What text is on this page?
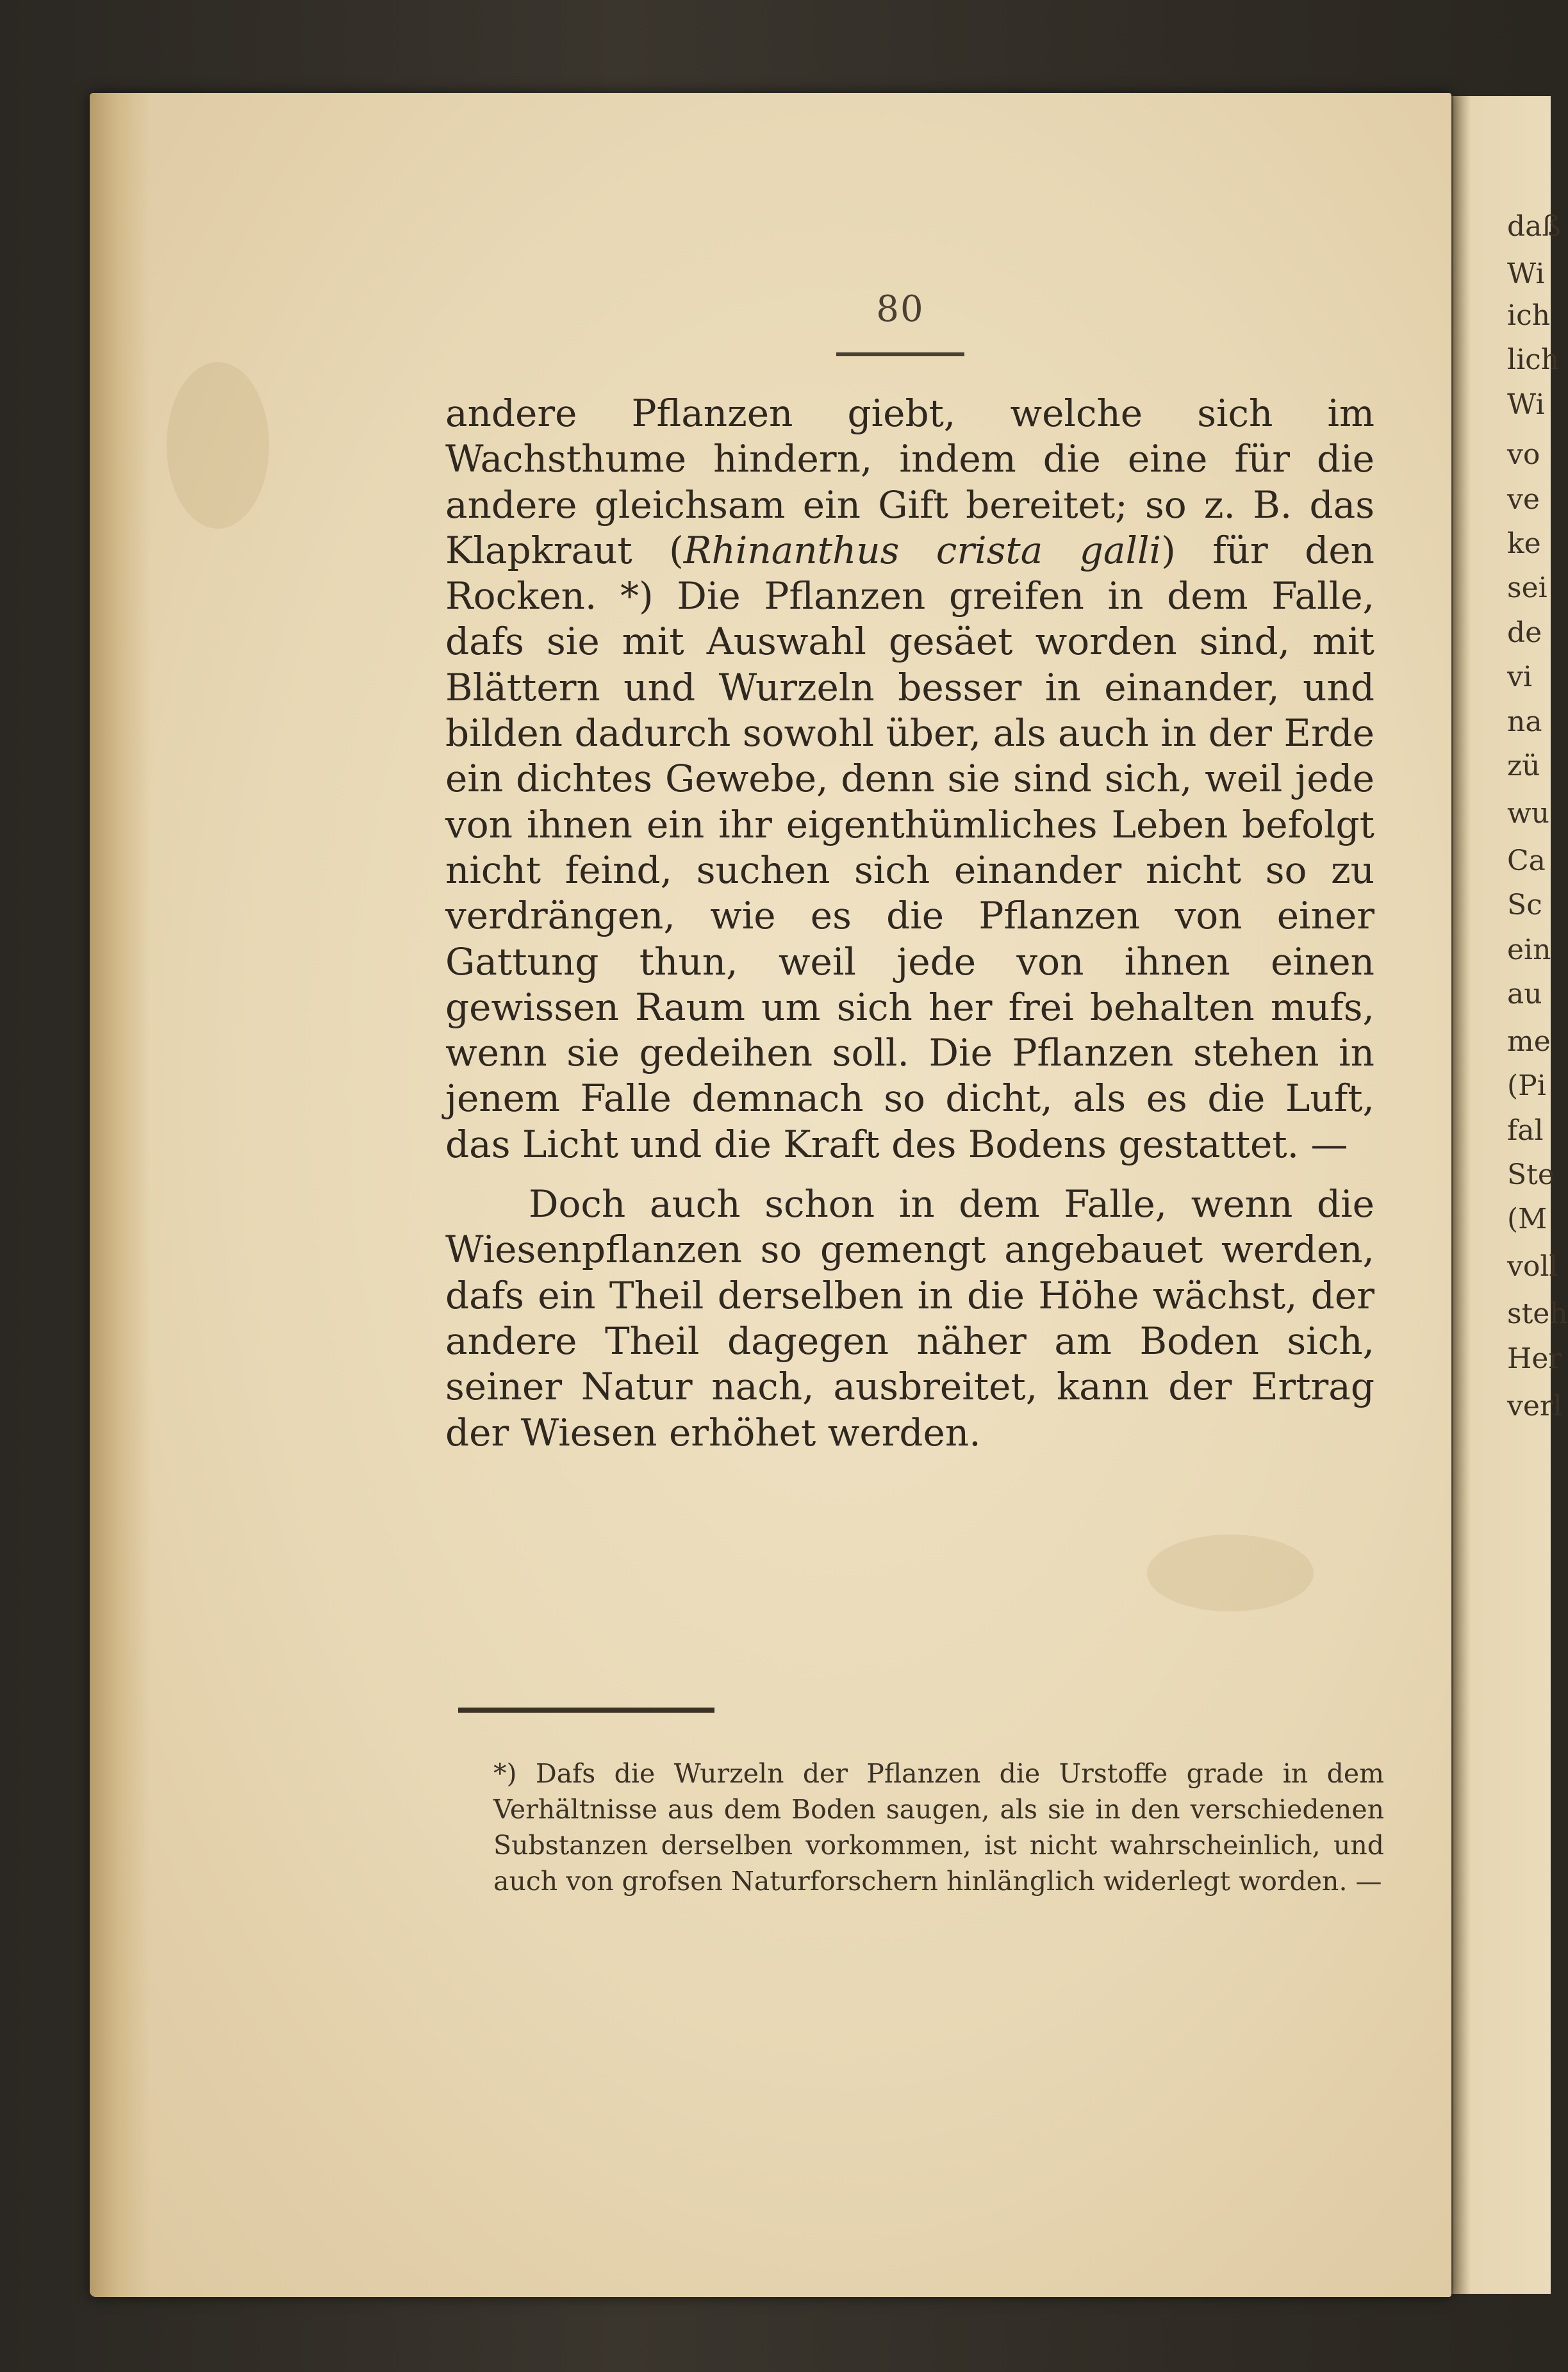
daß
Wi
ich
lich
Wi
vo
ve
ke
sei
de
vi
na
zü
wu
Ca
Sc
ein
au
me
(Pi
fal
Ste
(M
voll
steh
Her
verl
80

andere Pflanzen giebt, welche sich im Wachsthume hindern, indem die eine für die andere gleichsam ein Gift bereitet; so z. B. das Klapkraut (Rhinanthus crista galli) für den Rocken. *) Die Pflanzen greifen in dem Falle, dafs sie mit Auswahl gesäet worden sind, mit Blättern und Wurzeln besser in einander, und bilden dadurch sowohl über, als auch in der Erde ein dichtes Gewebe, denn sie sind sich, weil jede von ihnen ein ihr eigenthümliches Leben befolgt nicht feind, suchen sich einander nicht so zu verdrängen, wie es die Pflanzen von einer Gattung thun, weil jede von ihnen einen gewissen Raum um sich her frei behalten mufs, wenn sie gedeihen soll. Die Pflanzen stehen in jenem Falle demnach so dicht, als es die Luft, das Licht und die Kraft des Bodens gestattet. —

Doch auch schon in dem Falle, wenn die Wiesenpflanzen so gemengt angebauet werden, dafs ein Theil derselben in die Höhe wächst, der andere Theil dagegen näher am Boden sich, seiner Natur nach, ausbreitet, kann der Ertrag der Wiesen erhöhet werden.

*) Dafs die Wurzeln der Pflanzen die Urstoffe grade in dem Verhältnisse aus dem Boden saugen, als sie in den verschiedenen Substanzen derselben vorkommen, ist nicht wahrscheinlich, und auch von grofsen Naturforschern hinlänglich widerlegt worden. —
